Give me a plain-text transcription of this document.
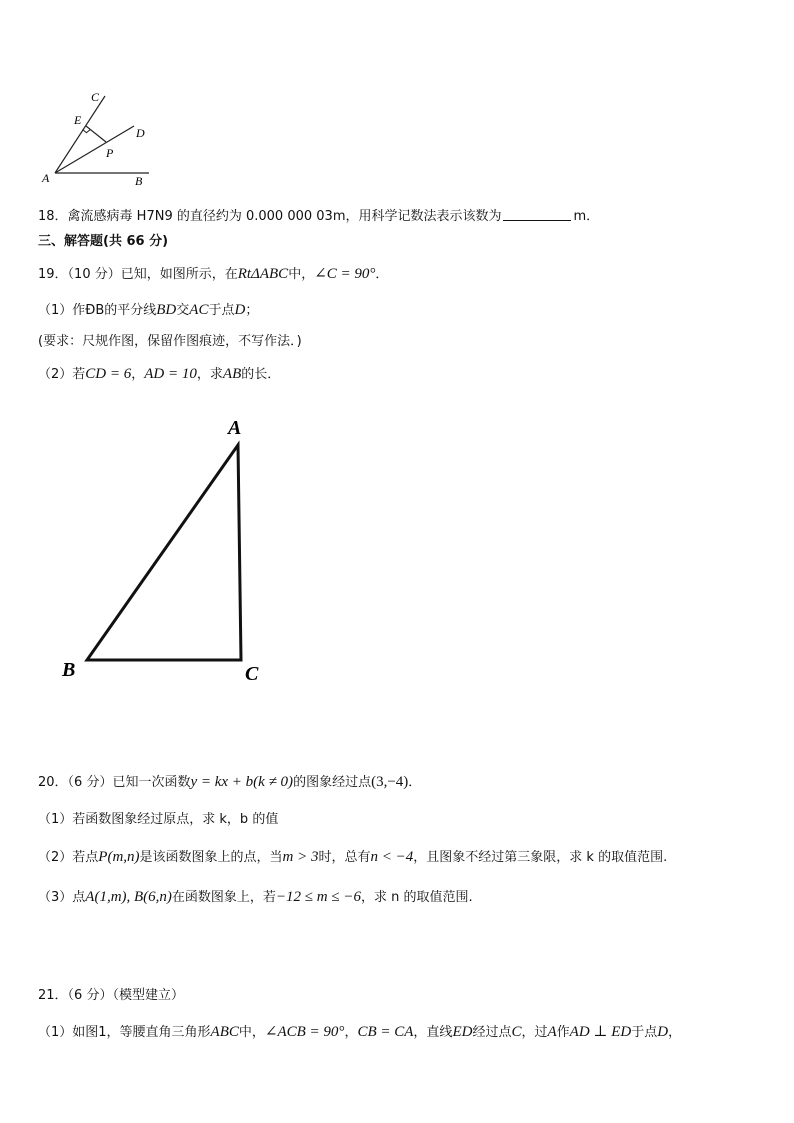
C
E
D
P
A	B
18．禽流感病毒 H7N9 的直径约为 0.000 000 03m，用科学记数法表示该数为	m．
三、解答题(共 66 分)
19．（10 分）已知，如图所示，在RtΔABC中，∠C = 90°．
（1）作ÐB的平分线BD交AC于点D；
(要求：尺规作图，保留作图痕迹，不写作法．)
（2）若CD = 6，AD = 10，求AB的长．
A
B	C
20．（6 分）已知一次函数y = kx + b(k ≠ 0)的图象经过点(3,−4)．
（1）若函数图象经过原点，求 k，b 的值
（2）若点P(m,n)是该函数图象上的点，当m > 3时，总有n < −4，且图象不经过第三象限，求 k 的取值范围.
（3）点A(1,m), B(6,n)在函数图象上，若−12 ≤ m ≤ −6，求 n 的取值范围.
21．（6 分）（模型建立）
（1）如图1，等腰直角三角形ABC中，∠ACB = 90°，CB = CA，直线ED经过点C，过A作AD ⊥ ED于点D，
